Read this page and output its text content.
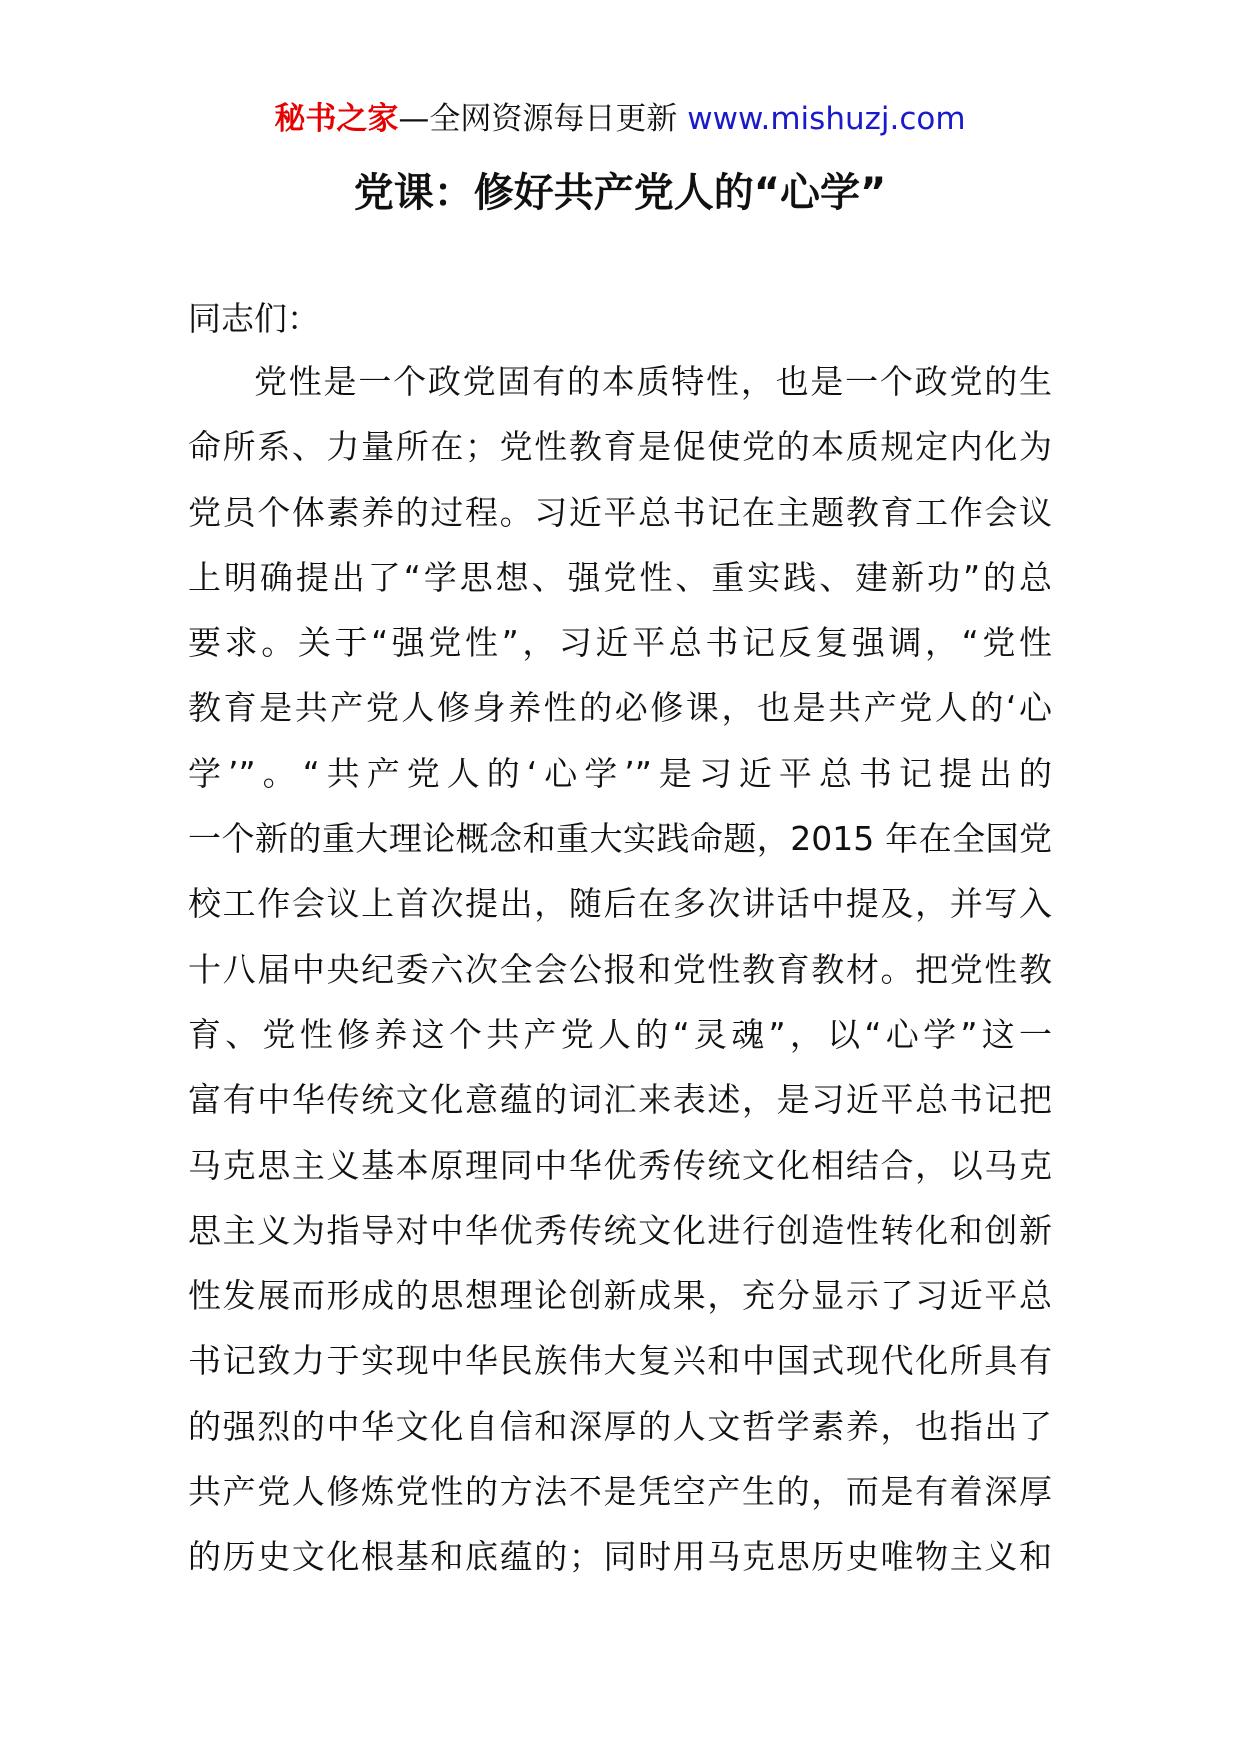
秘书之家—全网资源每日更新 www.mishuzj.com
党课：修好共产党人的“心学”
同志们：
党性是一个政党固有的本质特性，也是一个政党的生
命所系、力量所在；党性教育是促使党的本质规定内化为
党员个体素养的过程。习近平总书记在主题教育工作会议
上明确提出了“学思想、强党性、重实践、建新功”的总
要求。关于“强党性”，习近平总书记反复强调，“党性
教育是共产党人修身养性的必修课，也是共产党人的‘心
学’”。“共产党人的‘心学’”是习近平总书记提出的
一个新的重大理论概念和重大实践命题，2015 年在全国党
校工作会议上首次提出，随后在多次讲话中提及，并写入
十八届中央纪委六次全会公报和党性教育教材。把党性教
育、党性修养这个共产党人的“灵魂”，以“心学”这一
富有中华传统文化意蕴的词汇来表述，是习近平总书记把
马克思主义基本原理同中华优秀传统文化相结合，以马克
思主义为指导对中华优秀传统文化进行创造性转化和创新
性发展而形成的思想理论创新成果，充分显示了习近平总
书记致力于实现中华民族伟大复兴和中国式现代化所具有
的强烈的中华文化自信和深厚的人文哲学素养，也指出了
共产党人修炼党性的方法不是凭空产生的，而是有着深厚
的历史文化根基和底蕴的；同时用马克思历史唯物主义和
